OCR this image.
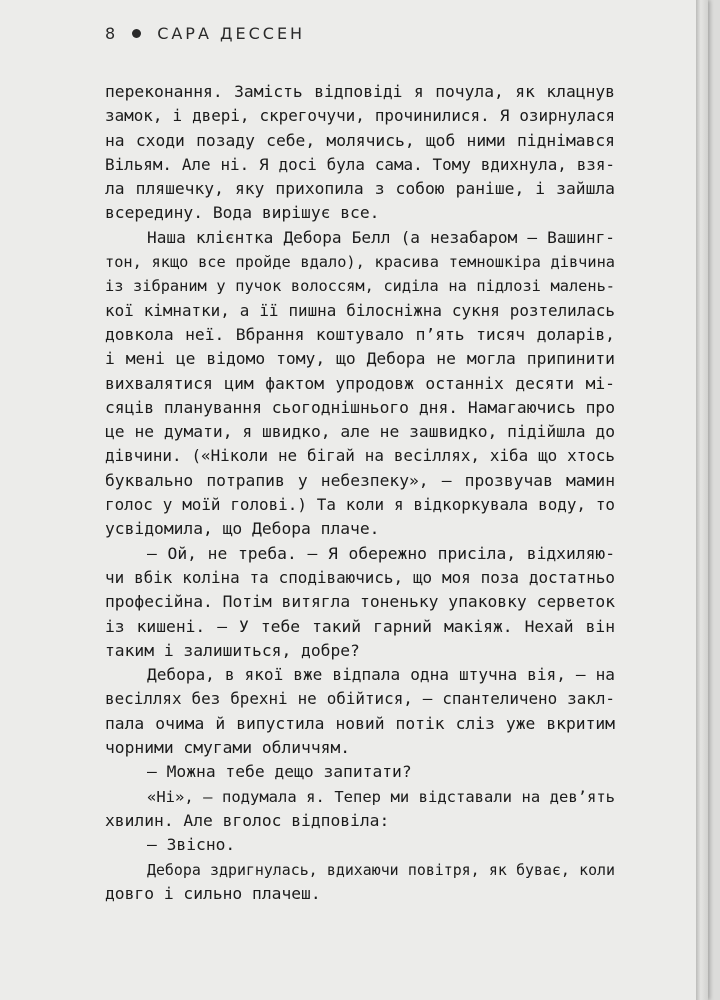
8 САРА ДЕССЕН
переконання. Замість відповіді я почула, як клацнув
замок, і двері, скрегочучи, прочинилися. Я озирнулася
на сходи позаду себе, молячись, щоб ними піднімався
Вільям. Але ні. Я досі була сама. Тому вдихнула, взя-
ла пляшечку, яку прихопила з собою раніше, і зайшла
всередину. Вода вирішує все.
Наша клієнтка Дебора Белл (а незабаром — Вашинг-
тон, якщо все пройде вдало), красива темношкіра дівчина
із зібраним у пучок волоссям, сиділа на підлозі малень-
кої кімнатки, а її пишна білосніжна сукня розтелилась
довкола неї. Вбрання коштувало п’ять тисяч доларів,
і мені це відомо тому, що Дебора не могла припинити
вихвалятися цим фактом упродовж останніх десяти мі-
сяців планування сьогоднішнього дня. Намагаючись про
це не думати, я швидко, але не зашвидко, підійшла до
дівчини. («Ніколи не бігай на весіллях, хіба що хтось
буквально потрапив у небезпеку», — прозвучав мамин
голос у моїй голові.) Та коли я відкоркувала воду, то
усвідомила, що Дебора плаче.
— Ой, не треба. — Я обережно присіла, відхиляю-
чи вбік коліна та сподіваючись, що моя поза достатньо
професійна. Потім витягла тоненьку упаковку серветок
із кишені. — У тебе такий гарний макіяж. Нехай він
таким і залишиться, добре?
Дебора, в якої вже відпала одна штучна вія, — на
весіллях без брехні не обійтися, — спантеличено закл-
пала очима й випустила новий потік сліз уже вкритим
чорними смугами обличчям.
— Можна тебе дещо запитати?
«Ні», — подумала я. Тепер ми відставали на дев’ять
хвилин. Але вголос відповіла:
— Звісно.
Дебора здригнулась, вдихаючи повітря, як буває, коли
довго і сильно плачеш.
